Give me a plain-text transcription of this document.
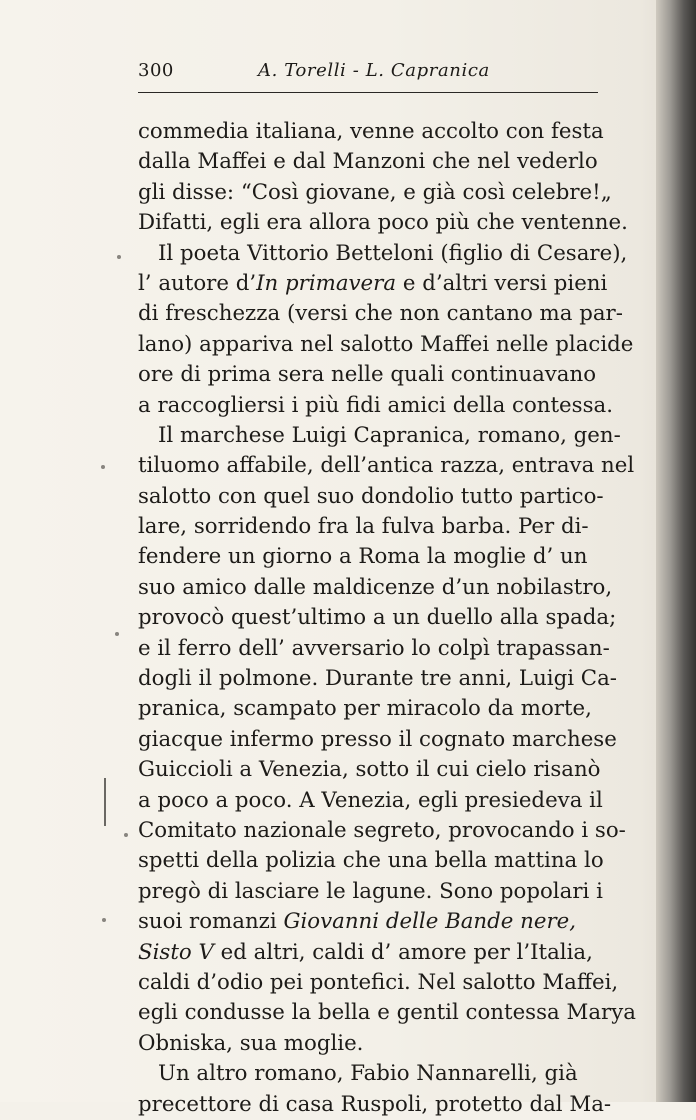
300	A. Torelli - L. Capranica
commedia italiana, venne accolto con festa
dalla Maffei e dal Manzoni che nel vederlo
gli disse: “Così giovane, e già così celebre!„
Difatti, egli era allora poco più che ventenne.
Il poeta Vittorio Betteloni (figlio di Cesare),
l’ autore d’In primavera e d’altri versi pieni
di freschezza (versi che non cantano ma par-
lano) appariva nel salotto Maffei nelle placide
ore di prima sera nelle quali continuavano
a raccogliersi i più fidi amici della contessa.
Il marchese Luigi Capranica, romano, gen-
tiluomo affabile, dell’antica razza, entrava nel
salotto con quel suo dondolio tutto partico-
lare, sorridendo fra la fulva barba. Per di-
fendere un giorno a Roma la moglie d’ un
suo amico dalle maldicenze d’un nobilastro,
provocò quest’ultimo a un duello alla spada;
e il ferro dell’ avversario lo colpì trapassan-
dogli il polmone. Durante tre anni, Luigi Ca-
pranica, scampato per miracolo da morte,
giacque infermo presso il cognato marchese
Guiccioli a Venezia, sotto il cui cielo risanò
a poco a poco. A Venezia, egli presiedeva il
Comitato nazionale segreto, provocando i so-
spetti della polizia che una bella mattina lo
pregò di lasciare le lagune. Sono popolari i
suoi romanzi Giovanni delle Bande nere,
Sisto V ed altri, caldi d’ amore per l’Italia,
caldi d’odio pei pontefici. Nel salotto Maffei,
egli condusse la bella e gentil contessa Marya
Obniska, sua moglie.
Un altro romano, Fabio Nannarelli, già
precettore di casa Ruspoli, protetto dal Ma-
